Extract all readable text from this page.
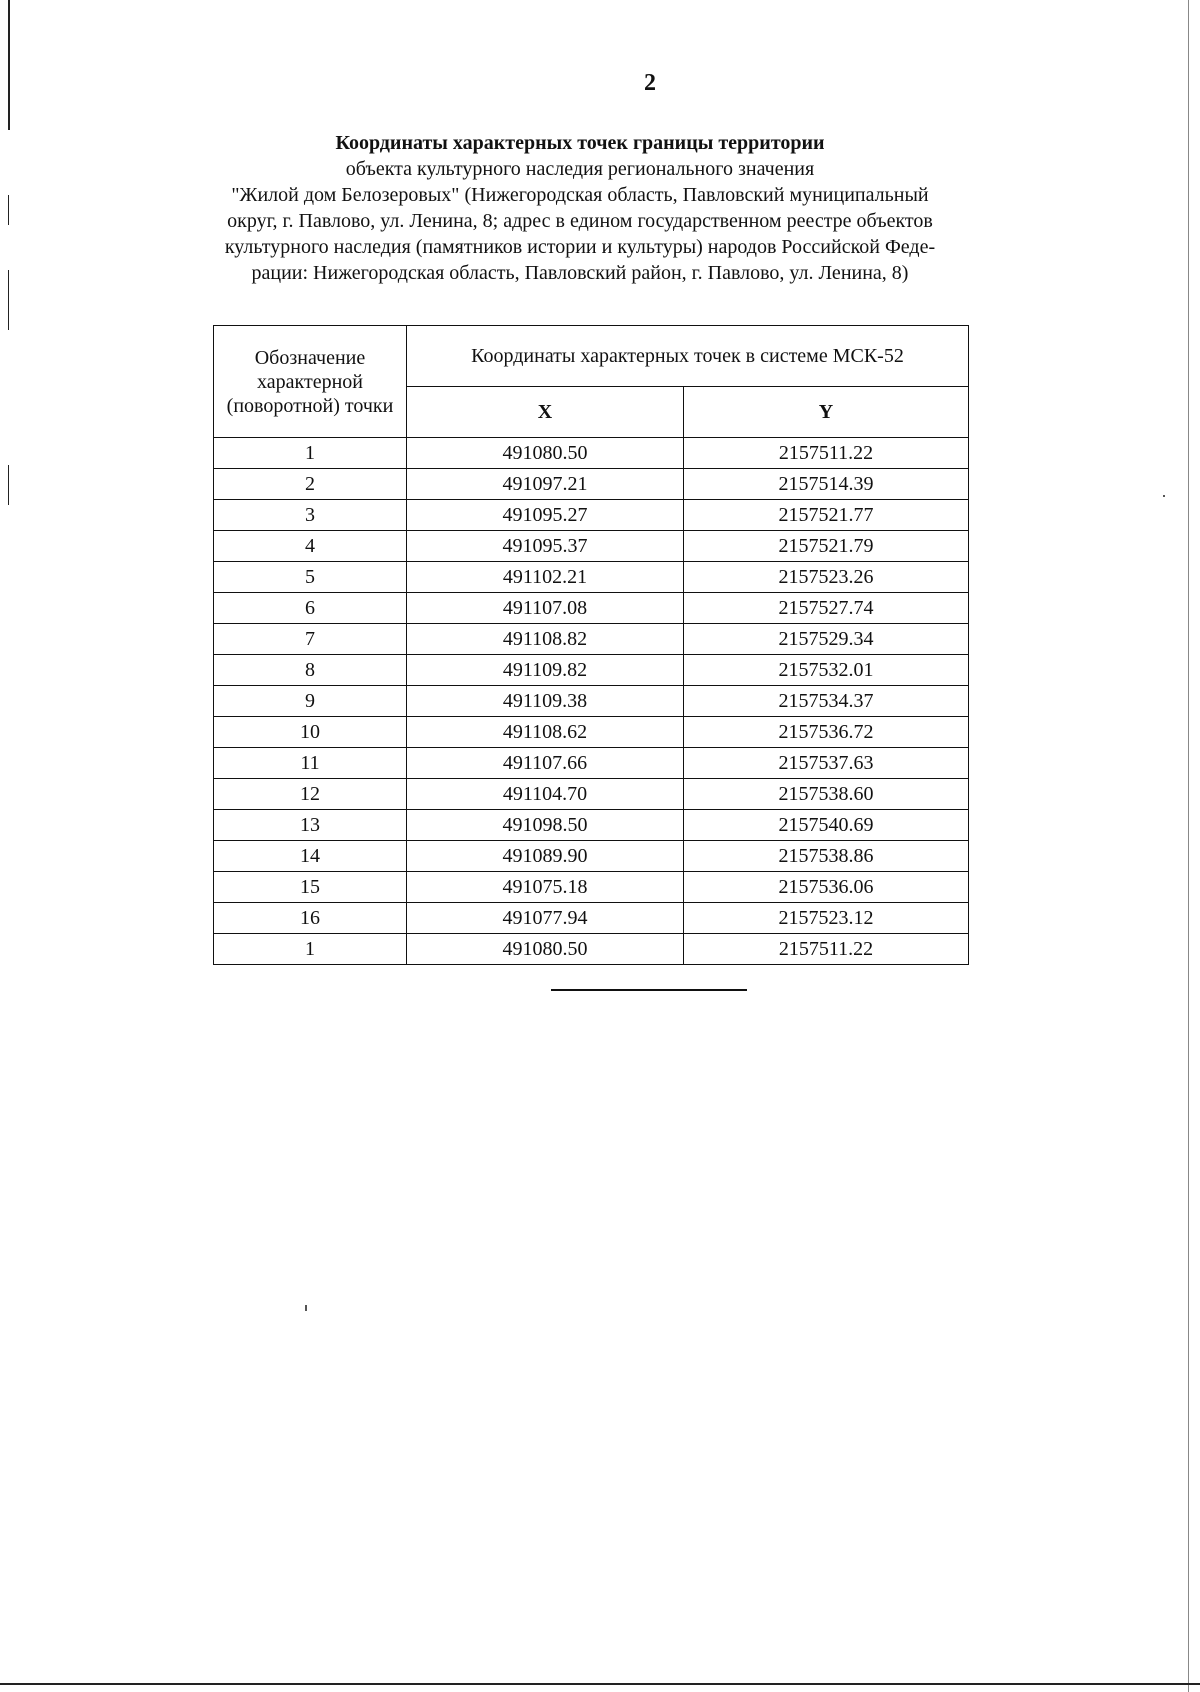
2
Координаты характерных точек границы территории
объекта культурного наследия регионального значения
"Жилой дом Белозеровых" (Нижегородская область, Павловский муниципальный
округ, г. Павлово, ул. Ленина, 8; адрес в едином государственном реестре объектов
культурного наследия (памятников истории и культуры) народов Российской Феде-
рации: Нижегородская область, Павловский район, г. Павлово, ул. Ленина, 8)
Обозначение характерной (поворотной) точки	Координаты характерных точек в системе МСК-52	
	X	Y
1	491080.50	2157511.22
2	491097.21	2157514.39
3	491095.27	2157521.77
4	491095.37	2157521.79
5	491102.21	2157523.26
6	491107.08	2157527.74
7	491108.82	2157529.34
8	491109.82	2157532.01
9	491109.38	2157534.37
10	491108.62	2157536.72
11	491107.66	2157537.63
12	491104.70	2157538.60
13	491098.50	2157540.69
14	491089.90	2157538.86
15	491075.18	2157536.06
16	491077.94	2157523.12
1	491080.50	2157511.22
